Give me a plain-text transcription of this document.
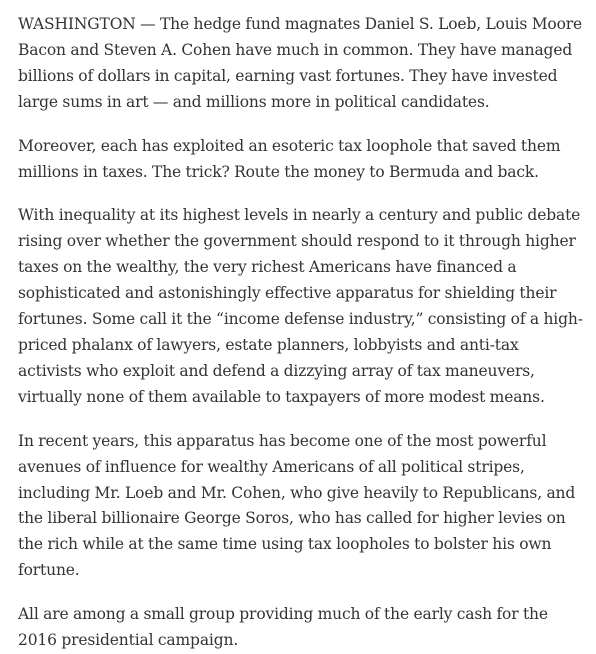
WASHINGTON — The hedge fund magnates Daniel S. Loeb, Louis Moore Bacon and Steven A. Cohen have much in common. They have managed billions of dollars in capital, earning vast fortunes. They have invested large sums in art — and millions more in political candidates.

Moreover, each has exploited an esoteric tax loophole that saved them millions in taxes. The trick? Route the money to Bermuda and back.

With inequality at its highest levels in nearly a century and public debate rising over whether the government should respond to it through higher taxes on the wealthy, the very richest Americans have financed a sophisticated and astonishingly effective apparatus for shielding their fortunes. Some call it the “income defense industry,” consisting of a high-priced phalanx of lawyers, estate planners, lobbyists and anti-tax activists who exploit and defend a dizzying array of tax maneuvers, virtually none of them available to taxpayers of more modest means.

In recent years, this apparatus has become one of the most powerful avenues of influence for wealthy Americans of all political stripes, including Mr. Loeb and Mr. Cohen, who give heavily to Republicans, and the liberal billionaire George Soros, who has called for higher levies on the rich while at the same time using tax loopholes to bolster his own fortune.

All are among a small group providing much of the early cash for the 2016 presidential campaign.
